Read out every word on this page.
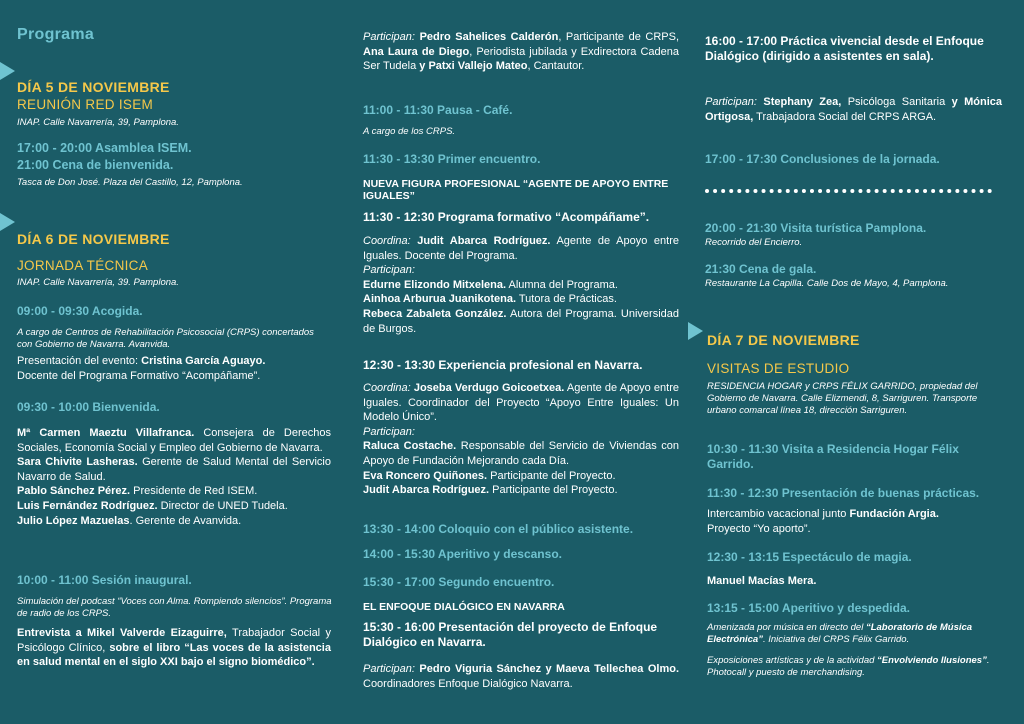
Programa
DÍA 5 DE NOVIEMBRE
REUNIÓN RED ISEM
INAP. Calle Navarrería, 39, Pamplona.
17:00 - 20:00 Asamblea ISEM.
21:00 Cena de bienvenida.
Tasca de Don José. Plaza del Castillo, 12, Pamplona.
DÍA 6 DE NOVIEMBRE
JORNADA TÉCNICA
INAP. Calle Navarrería, 39. Pamplona.
09:00 - 09:30 Acogida.
A cargo de Centros de Rehabilitación Psicosocial (CRPS) concertados con Gobierno de Navarra. Avanvida.
Presentación del evento: Cristina García Aguayo.
Docente del Programa Formativo “Acompáñame”.
09:30 - 10:00 Bienvenida.
Mª Carmen Maeztu Villafranca. Consejera de Derechos Sociales, Economía Social y Empleo del Gobierno de Navarra.
Sara Chivite Lasheras. Gerente de Salud Mental del Servicio Navarro de Salud.
Pablo Sánchez Pérez. Presidente de Red ISEM.
Luis Fernández Rodríguez. Director de UNED Tudela.
Julio López Mazuelas. Gerente de Avanvida.
10:00 - 11:00 Sesión inaugural.
Simulación del podcast “Voces con Alma. Rompiendo silencios”. Programa de radio de los CRPS.
Entrevista a Mikel Valverde Eizaguirre, Trabajador Social y Psicólogo Clínico, sobre el libro “Las voces de la asistencia en salud mental en el siglo XXI bajo el signo biomédico”.
Participan: Pedro Sahelices Calderón, Participante de CRPS, Ana Laura de Diego, Periodista jubilada y Exdirectora Cadena Ser Tudela y Patxi Vallejo Mateo, Cantautor.
11:00 - 11:30 Pausa - Café.
A cargo de los CRPS.
11:30 - 13:30 Primer encuentro.
NUEVA FIGURA PROFESIONAL “AGENTE DE APOYO ENTRE IGUALES”
11:30 - 12:30 Programa formativo “Acompáñame”.
Coordina: Judit Abarca Rodríguez. Agente de Apoyo entre Iguales. Docente del Programa.
Participan:
Edurne Elizondo Mitxelena. Alumna del Programa.
Ainhoa Arburua Juanikotena. Tutora de Prácticas.
Rebeca Zabaleta González. Autora del Programa. Universidad de Burgos.
12:30 - 13:30 Experiencia profesional en Navarra.
Coordina: Joseba Verdugo Goicoetxea. Agente de Apoyo entre Iguales. Coordinador del Proyecto “Apoyo Entre Iguales: Un Modelo Único”.
Participan:
Raluca Costache. Responsable del Servicio de Viviendas con Apoyo de Fundación Mejorando cada Día.
Eva Roncero Quiñones. Participante del Proyecto.
Judit Abarca Rodríguez. Participante del Proyecto.
13:30 - 14:00 Coloquio con el público asistente.
14:00 - 15:30 Aperitivo y descanso.
15:30 - 17:00 Segundo encuentro.
EL ENFOQUE DIALÓGICO EN NAVARRA
15:30 - 16:00 Presentación del proyecto de Enfoque Dialógico en Navarra.
Participan: Pedro Viguria Sánchez y Maeva Tellechea Olmo. Coordinadores Enfoque Dialógico Navarra.
16:00 - 17:00 Práctica vivencial desde el Enfoque Dialógico (dirigido a asistentes en sala).
Participan: Stephany Zea, Psicóloga Sanitaria y Mónica Ortigosa, Trabajadora Social del CRPS ARGA.
17:00 - 17:30 Conclusiones de la jornada.
20:00 - 21:30 Visita turística Pamplona.
Recorrido del Encierro.
21:30 Cena de gala.
Restaurante La Capilla. Calle Dos de Mayo, 4, Pamplona.
DÍA 7 DE NOVIEMBRE
VISITAS DE ESTUDIO
RESIDENCIA HOGAR y CRPS FÉLIX GARRIDO, propiedad del Gobierno de Navarra. Calle Elizmendi, 8, Sarriguren. Transporte urbano comarcal línea 18, dirección Sarriguren.
10:30 - 11:30 Visita a Residencia Hogar Félix Garrido.
11:30 - 12:30 Presentación de buenas prácticas.
Intercambio vacacional junto Fundación Argia.
Proyecto “Yo aporto”.
12:30 - 13:15 Espectáculo de magia.
Manuel Macías Mera.
13:15 - 15:00 Aperitivo y despedida.
Amenizada por música en directo del “Laboratorio de Música Electrónica”. Iniciativa del CRPS Félix Garrido.
Exposiciones artísticas y de la actividad “Envolviendo Ilusiones”. Photocall y puesto de merchandising.
